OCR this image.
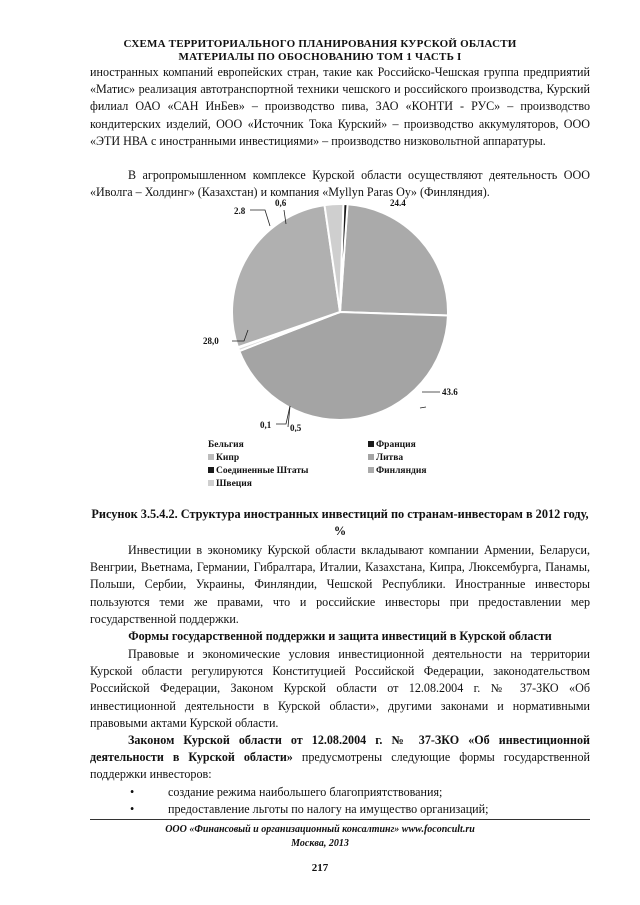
СХЕМА ТЕРРИТОРИАЛЬНОГО ПЛАНИРОВАНИЯ КУРСКОЙ ОБЛАСТИ
МАТЕРИАЛЫ ПО ОБОСНОВАНИЮ ТОМ 1 ЧАСТЬ I
иностранных компаний европейских стран, такие как Российско-Чешская группа предприятий «Матис» реализация автотранспортной техники чешского и российского производства, Курский филиал ОАО «САН ИнБев» – производство пива, ЗАО «КОНТИ - РУС» – производство кондитерских изделий, ООО «Источник Тока Курский» – производство аккумуляторов, ООО «ЭТИ НВА с иностранными инвестициями» – производство низковольтной аппаратуры.
В агропромышленном комплексе Курской области осуществляют деятельность ООО «Иволга – Холдинг» (Казахстан) и компания «Myllyn Paras Oy» (Финляндия).
24.4
43.6
0,5
0,1
28,0
2.8
0,6
Бельгия	Франция
Кипр	Литва
Соединенные Штаты	Финляндия
Швеция
Рисунок 3.5.4.2. Структура иностранных инвестиций по странам-инвесторам в 2012 году, %
Инвестиции в экономику Курской области вкладывают компании Армении, Беларуси, Венгрии, Вьетнама, Германии, Гибралтара, Италии, Казахстана, Кипра, Люксембурга, Панамы, Польши, Сербии, Украины, Финляндии, Чешской Республики. Иностранные инвесторы пользуются теми же правами, что и российские инвесторы при предоставлении мер государственной поддержки.
Формы государственной поддержки и защита инвестиций в Курской области
Правовые и экономические условия инвестиционной деятельности на территории Курской области регулируются Конституцией Российской Федерации, законодательством Российской Федерации, Законом Курской области от 12.08.2004 г. № 37-ЗКО «Об инвестиционной деятельности в Курской области», другими законами и нормативными правовыми актами Курской области.
Законом Курской области от 12.08.2004 г. № 37-ЗКО «Об инвестиционной деятельности в Курской области» предусмотрены следующие формы государственной поддержки инвесторов:
•	создание режима наибольшего благоприятствования;
•	предоставление льготы по налогу на имущество организаций;
ООО «Финансовый и организационный консалтинг» www.foconcult.ru
Москва, 2013
217
